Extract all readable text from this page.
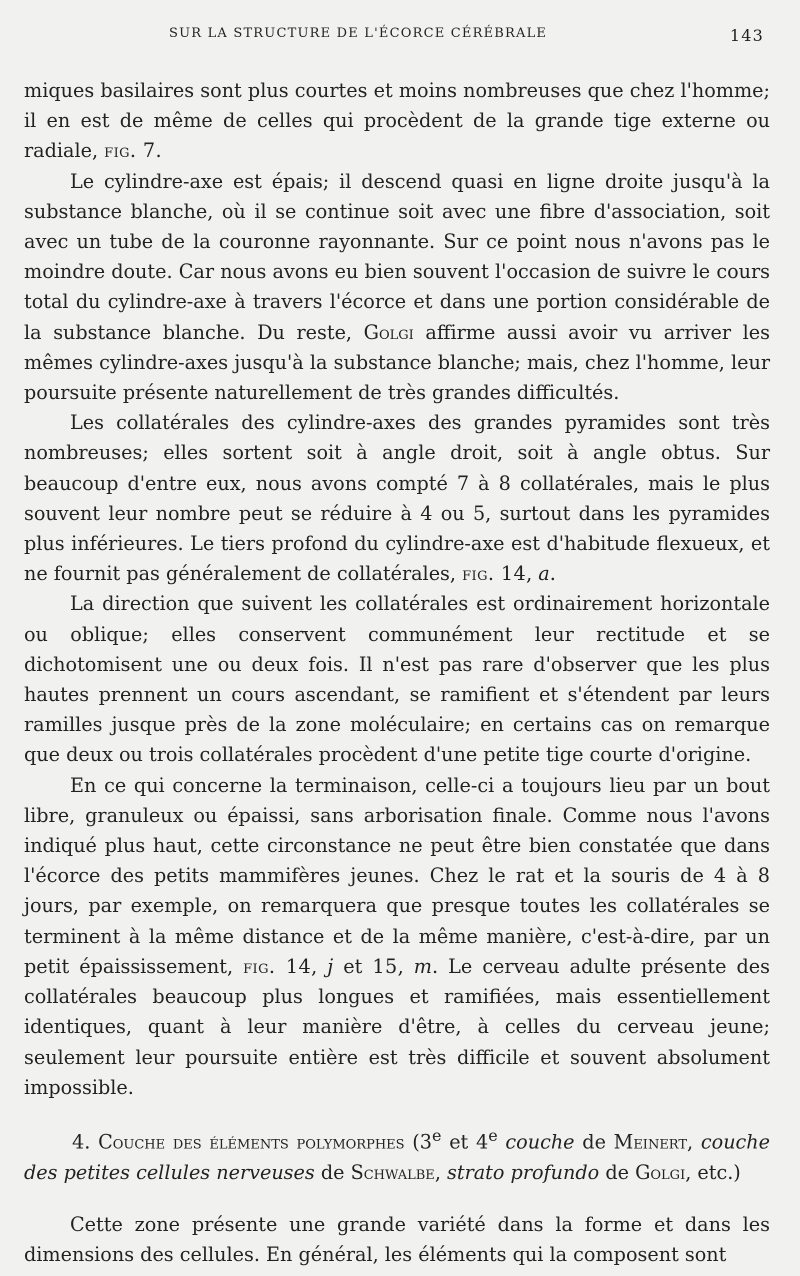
SUR LA STRUCTURE DE L'ÉCORCE CÉRÉBRALE	143

miques basilaires sont plus courtes et moins nombreuses que chez l'homme; il en est de même de celles qui procèdent de la grande tige externe ou radiale, fig. 7.

Le cylindre-axe est épais; il descend quasi en ligne droite jusqu'à la substance blanche, où il se continue soit avec une fibre d'association, soit avec un tube de la couronne rayonnante. Sur ce point nous n'avons pas le moindre doute. Car nous avons eu bien souvent l'occasion de suivre le cours total du cylindre-axe à travers l'écorce et dans une portion considérable de la substance blanche. Du reste, Golgi affirme aussi avoir vu arriver les mêmes cylindre-axes jusqu'à la substance blanche; mais, chez l'homme, leur poursuite présente naturellement de très grandes difficultés.

Les collatérales des cylindre-axes des grandes pyramides sont très nombreuses; elles sortent soit à angle droit, soit à angle obtus. Sur beaucoup d'entre eux, nous avons compté 7 à 8 collatérales, mais le plus souvent leur nombre peut se réduire à 4 ou 5, surtout dans les pyramides plus inférieures. Le tiers profond du cylindre-axe est d'habitude flexueux, et ne fournit pas généralement de collatérales, fig. 14, a.

La direction que suivent les collatérales est ordinairement horizontale ou oblique; elles conservent communément leur rectitude et se dichotomisent une ou deux fois. Il n'est pas rare d'observer que les plus hautes prennent un cours ascendant, se ramifient et s'étendent par leurs ramilles jusque près de la zone moléculaire; en certains cas on remarque que deux ou trois collatérales procèdent d'une petite tige courte d'origine.

En ce qui concerne la terminaison, celle-ci a toujours lieu par un bout libre, granuleux ou épaissi, sans arborisation finale. Comme nous l'avons indiqué plus haut, cette circonstance ne peut être bien constatée que dans l'écorce des petits mammifères jeunes. Chez le rat et la souris de 4 à 8 jours, par exemple, on remarquera que presque toutes les collatérales se terminent à la même distance et de la même manière, c'est-à-dire, par un petit épaississement, fig. 14, j et 15, m. Le cerveau adulte présente des collatérales beaucoup plus longues et ramifiées, mais essentiellement identiques, quant à leur manière d'être, à celles du cerveau jeune; seulement leur poursuite entière est très difficile et souvent absolument impossible.

4. Couche des éléments polymorphes (3e et 4e couche de Meinert, couche des petites cellules nerveuses de Schwalbe, strato profundo de Golgi, etc.)

Cette zone présente une grande variété dans la forme et dans les dimensions des cellules. En général, les éléments qui la composent sont
